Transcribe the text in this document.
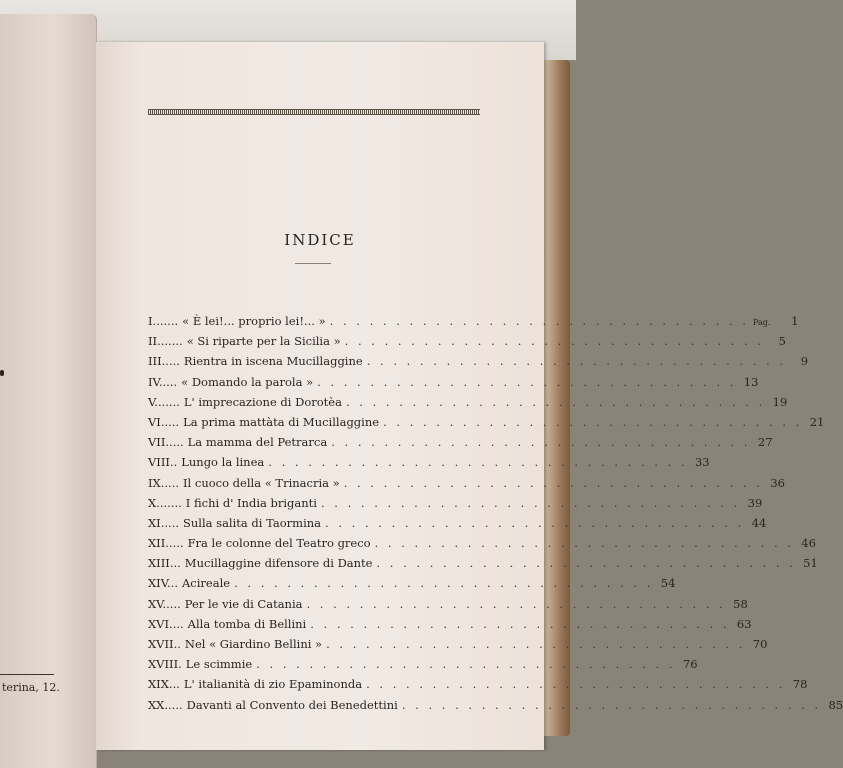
terina, 12.
INDICE
I....... « È lei!... proprio lei!... » . . . . . . . . . . . . . . . . . . . . . . . . . . . . . . . . Pag.	1
II....... « Si riparte per la Sicilia » . . . . . . . . . . . . . . . . . . . . . . . . . . . . . . . .	5
III..... Rientra in iscena Mucillaggine . . . . . . . . . . . . . . . . . . . . . . . . . . . . . . . .	9
IV..... « Domando la parola » . . . . . . . . . . . . . . . . . . . . . . . . . . . . . . . . 13
V....... L' imprecazione di Dorotèa . . . . . . . . . . . . . . . . . . . . . . . . . . . . . . . . 19
VI..... La prima mattàta di Mucillaggine . . . . . . . . . . . . . . . . . . . . . . . . . . . . . . . . 21
VII..... La mamma del Petrarca . . . . . . . . . . . . . . . . . . . . . . . . . . . . . . . . 27
VIII.. Lungo la linea . . . . . . . . . . . . . . . . . . . . . . . . . . . . . . . . 33
IX..... Il cuoco della « Trinacria » . . . . . . . . . . . . . . . . . . . . . . . . . . . . . . . . 36
X....... I fichi d' India briganti . . . . . . . . . . . . . . . . . . . . . . . . . . . . . . . . 39
XI..... Sulla salita di Taormina . . . . . . . . . . . . . . . . . . . . . . . . . . . . . . . . 44
XII..... Fra le colonne del Teatro greco . . . . . . . . . . . . . . . . . . . . . . . . . . . . . . . . 46
XIII... Mucillaggine difensore di Dante . . . . . . . . . . . . . . . . . . . . . . . . . . . . . . . . 51
XIV... Acireale . . . . . . . . . . . . . . . . . . . . . . . . . . . . . . . . 54
XV..... Per le vie di Catania . . . . . . . . . . . . . . . . . . . . . . . . . . . . . . . . 58
XVI.... Alla tomba di Bellini . . . . . . . . . . . . . . . . . . . . . . . . . . . . . . . . 63
XVII.. Nel « Giardino Bellini » . . . . . . . . . . . . . . . . . . . . . . . . . . . . . . . . 70
XVIII. Le scimmie . . . . . . . . . . . . . . . . . . . . . . . . . . . . . . . . 76
XIX... L' italianità di zio Epaminonda . . . . . . . . . . . . . . . . . . . . . . . . . . . . . . . . 78
XX..... Davanti al Convento dei Benedettini . . . . . . . . . . . . . . . . . . . . . . . . . . . . . . . . 85
